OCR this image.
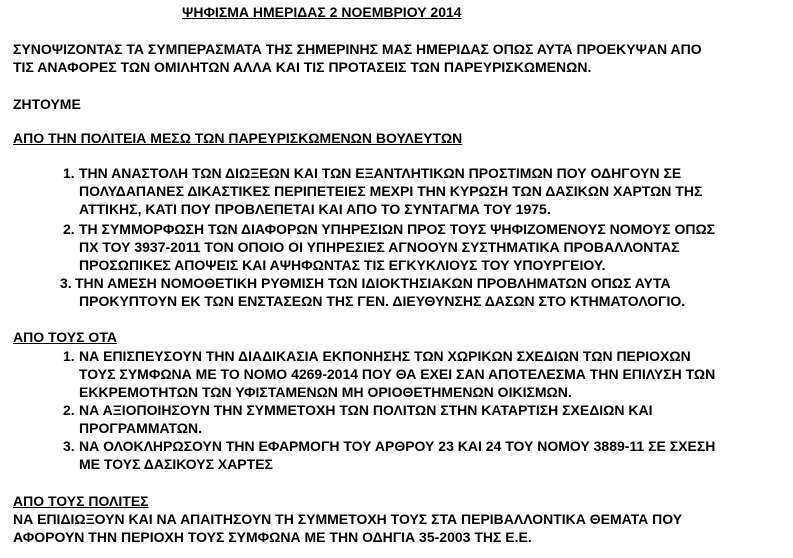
ΨΗΦΙΣΜΑ ΗΜΕΡΙΔΑΣ 2 ΝΟΕΜΒΡΙΟΥ 2014
ΣΥΝΟΨΙΖΟΝΤΑΣ ΤΑ ΣΥΜΠΕΡΑΣΜΑΤΑ ΤΗΣ ΣΗΜΕΡΙΝΗΣ ΜΑΣ ΗΜΕΡΙΔΑΣ ΟΠΩΣ ΑΥΤΑ ΠΡΟΕΚΥΨΑΝ ΑΠΟ
ΤΙΣ ΑΝΑΦΟΡΕΣ ΤΩΝ ΟΜΙΛΗΤΩΝ ΑΛΛΑ ΚΑΙ ΤΙΣ ΠΡΟΤΑΣΕΙΣ ΤΩΝ ΠΑΡΕΥΡΙΣΚΩΜΕΝΩΝ.
ΖΗΤΟΥΜΕ
ΑΠΟ ΤΗΝ ΠΟΛΙΤΕΙΑ ΜΕΣΩ ΤΩΝ ΠΑΡΕΥΡΙΣΚΩΜΕΝΩΝ ΒΟΥΛΕΥΤΩΝ
1. ΤΗΝ ΑΝΑΣΤΟΛΗ ΤΩΝ ΔΙΩΞΕΩΝ ΚΑΙ ΤΩΝ ΕΞΑΝΤΛΗΤΙΚΩΝ ΠΡΟΣΤΙΜΩΝ ΠΟΥ ΟΔΗΓΟΥΝ ΣΕ
ΠΟΛΥΔΑΠΑΝΕΣ ΔΙΚΑΣΤΙΚΕΣ ΠΕΡΙΠΕΤΕΙΕΣ ΜΕΧΡΙ ΤΗΝ ΚΥΡΩΣΗ ΤΩΝ ΔΑΣΙΚΩΝ ΧΑΡΤΩΝ ΤΗΣ
ΑΤΤΙΚΗΣ, ΚΑΤΙ ΠΟΥ ΠΡΟΒΛΕΠΕΤΑΙ ΚΑΙ ΑΠΟ ΤΟ ΣΥΝΤΑΓΜΑ ΤΟΥ 1975.
2. ΤΗ ΣΥΜΜΟΡΦΩΣΗ ΤΩΝ ΔΙΑΦΟΡΩΝ ΥΠΗΡΕΣΙΩΝ ΠΡΟΣ ΤΟΥΣ ΨΗΦΙΖΟΜΕΝΟΥΣ ΝΟΜΟΥΣ ΟΠΩΣ
ΠΧ ΤΟΥ 3937-2011 ΤΟΝ ΟΠΟΙΟ ΟΙ ΥΠΗΡΕΣΙΕΣ ΑΓΝΟΟΥΝ ΣΥΣΤΗΜΑΤΙΚΑ ΠΡΟΒΑΛΛΟΝΤΑΣ
ΠΡΟΣΩΠΙΚΕΣ ΑΠΟΨΕΙΣ ΚΑΙ ΑΨΗΦΩΝΤΑΣ ΤΙΣ ΕΓΚΥΚΛΙΟΥΣ ΤΟΥ ΥΠΟΥΡΓΕΙΟΥ.
3. ΤΗΝ ΑΜΕΣΗ ΝΟΜΟΘΕΤΙΚΗ ΡΥΘΜΙΣΗ ΤΩΝ ΙΔΙΟΚΤΗΣΙΑΚΩΝ ΠΡΟΒΛΗΜΑΤΩΝ ΟΠΩΣ ΑΥΤΑ
ΠΡΟΚΥΠΤΟΥΝ ΕΚ ΤΩΝ ΕΝΣΤΑΣΕΩΝ ΤΗΣ ΓΕΝ. ΔΙΕΥΘΥΝΣΗΣ ΔΑΣΩΝ ΣΤΟ ΚΤΗΜΑΤΟΛΟΓΙΟ.
ΑΠΟ ΤΟΥΣ ΟΤΑ
1. ΝΑ ΕΠΙΣΠΕΥΣΟΥΝ ΤΗΝ ΔΙΑΔΙΚΑΣΙΑ ΕΚΠΟΝΗΣΗΣ ΤΩΝ ΧΩΡΙΚΩΝ ΣΧΕΔΙΩΝ ΤΩΝ ΠΕΡΙΟΧΩΝ
ΤΟΥΣ ΣΥΜΦΩΝΑ ΜΕ ΤΟ ΝΟΜΟ 4269-2014 ΠΟΥ ΘΑ ΕΧΕΙ ΣΑΝ ΑΠΟΤΕΛΕΣΜΑ ΤΗΝ ΕΠΙΛΥΣΗ ΤΩΝ
ΕΚΚΡΕΜΟΤΗΤΩΝ ΤΩΝ ΥΦΙΣΤΑΜΕΝΩΝ ΜΗ ΟΡΙΟΘΕΤΗΜΕΝΩΝ ΟΙΚΙΣΜΩΝ.
2. ΝΑ ΑΞΙΟΠΟΙΗΣΟΥΝ ΤΗΝ ΣΥΜΜΕΤΟΧΗ ΤΩΝ ΠΟΛΙΤΩΝ ΣΤΗΝ ΚΑΤΑΡΤΙΣΗ ΣΧΕΔΙΩΝ ΚΑΙ
ΠΡΟΓΡΑΜΜΑΤΩΝ.
3. ΝΑ ΟΛΟΚΛΗΡΩΣΟΥΝ ΤΗΝ ΕΦΑΡΜΟΓΗ ΤΟΥ ΑΡΘΡΟΥ 23 ΚΑΙ 24 ΤΟΥ ΝΟΜΟΥ 3889-11 ΣΕ ΣΧΕΣΗ
ΜΕ ΤΟΥΣ ΔΑΣΙΚΟΥΣ ΧΑΡΤΕΣ
ΑΠΟ ΤΟΥΣ ΠΟΛΙΤΕΣ
ΝΑ ΕΠΙΔΙΩΞΟΥΝ ΚΑΙ ΝΑ ΑΠΑΙΤΗΣΟΥΝ ΤΗ ΣΥΜΜΕΤΟΧΗ ΤΟΥΣ ΣΤΑ ΠΕΡΙΒΑΛΛΟΝΤΙΚΑ ΘΕΜΑΤΑ ΠΟΥ
ΑΦΟΡΟΥΝ ΤΗΝ ΠΕΡΙΟΧΗ ΤΟΥΣ ΣΥΜΦΩΝΑ ΜΕ ΤΗΝ ΟΔΗΓΙΑ 35-2003 ΤΗΣ Ε.Ε.
